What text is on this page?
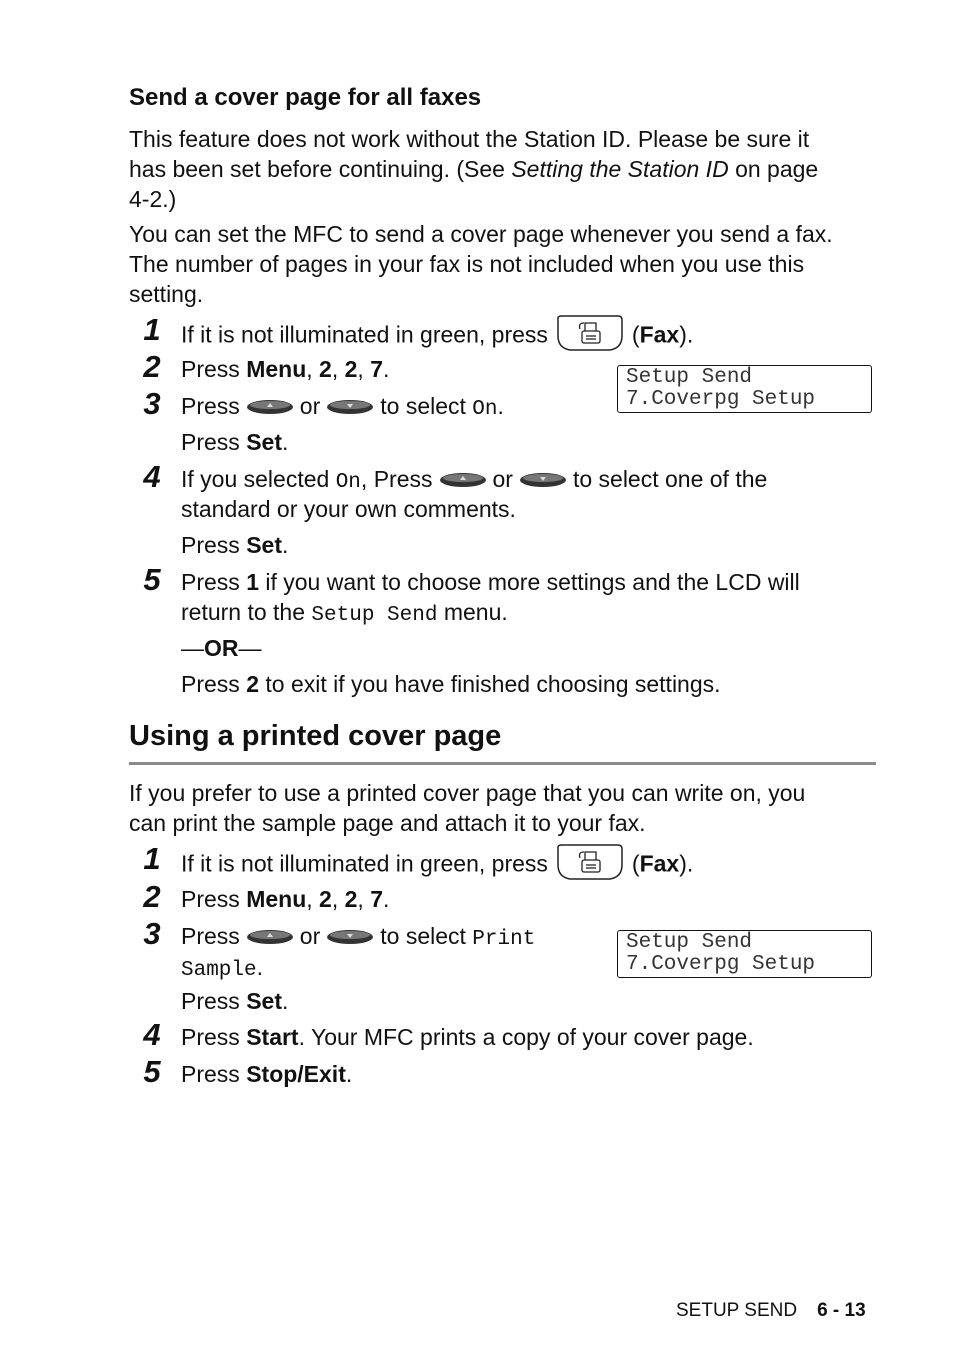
Send a cover page for all faxes
This feature does not work without the Station ID. Please be sure it
has been set before continuing. (See Setting the Station ID on page
4-2.)
You can set the MFC to send a cover page whenever you send a fax.
The number of pages in your fax is not included when you use this
setting.
1 If it is not illuminated in green, press	(Fax).
2 Press Menu, 2, 2, 7.	Setup Send
7.Coverpg Setup
3 Press	or	to select On.
Press Set.
4 If you selected On, Press	or	to select one of the
standard or your own comments.
Press Set.
5 Press 1 if you want to choose more settings and the LCD will
return to the Setup Send menu.
—OR—
Press 2 to exit if you have finished choosing settings.
Using a printed cover page
If you prefer to use a printed cover page that you can write on, you
can print the sample page and attach it to your fax.
1 If it is not illuminated in green, press	(Fax).
2 Press Menu, 2, 2, 7.
3 Press	or	to select Print
Sample.
Setup Send
7.Coverpg Setup
Press Set.
4 Press Start. Your MFC prints a copy of your cover page.
5 Press Stop/Exit.
SETUP SEND 6 - 13
